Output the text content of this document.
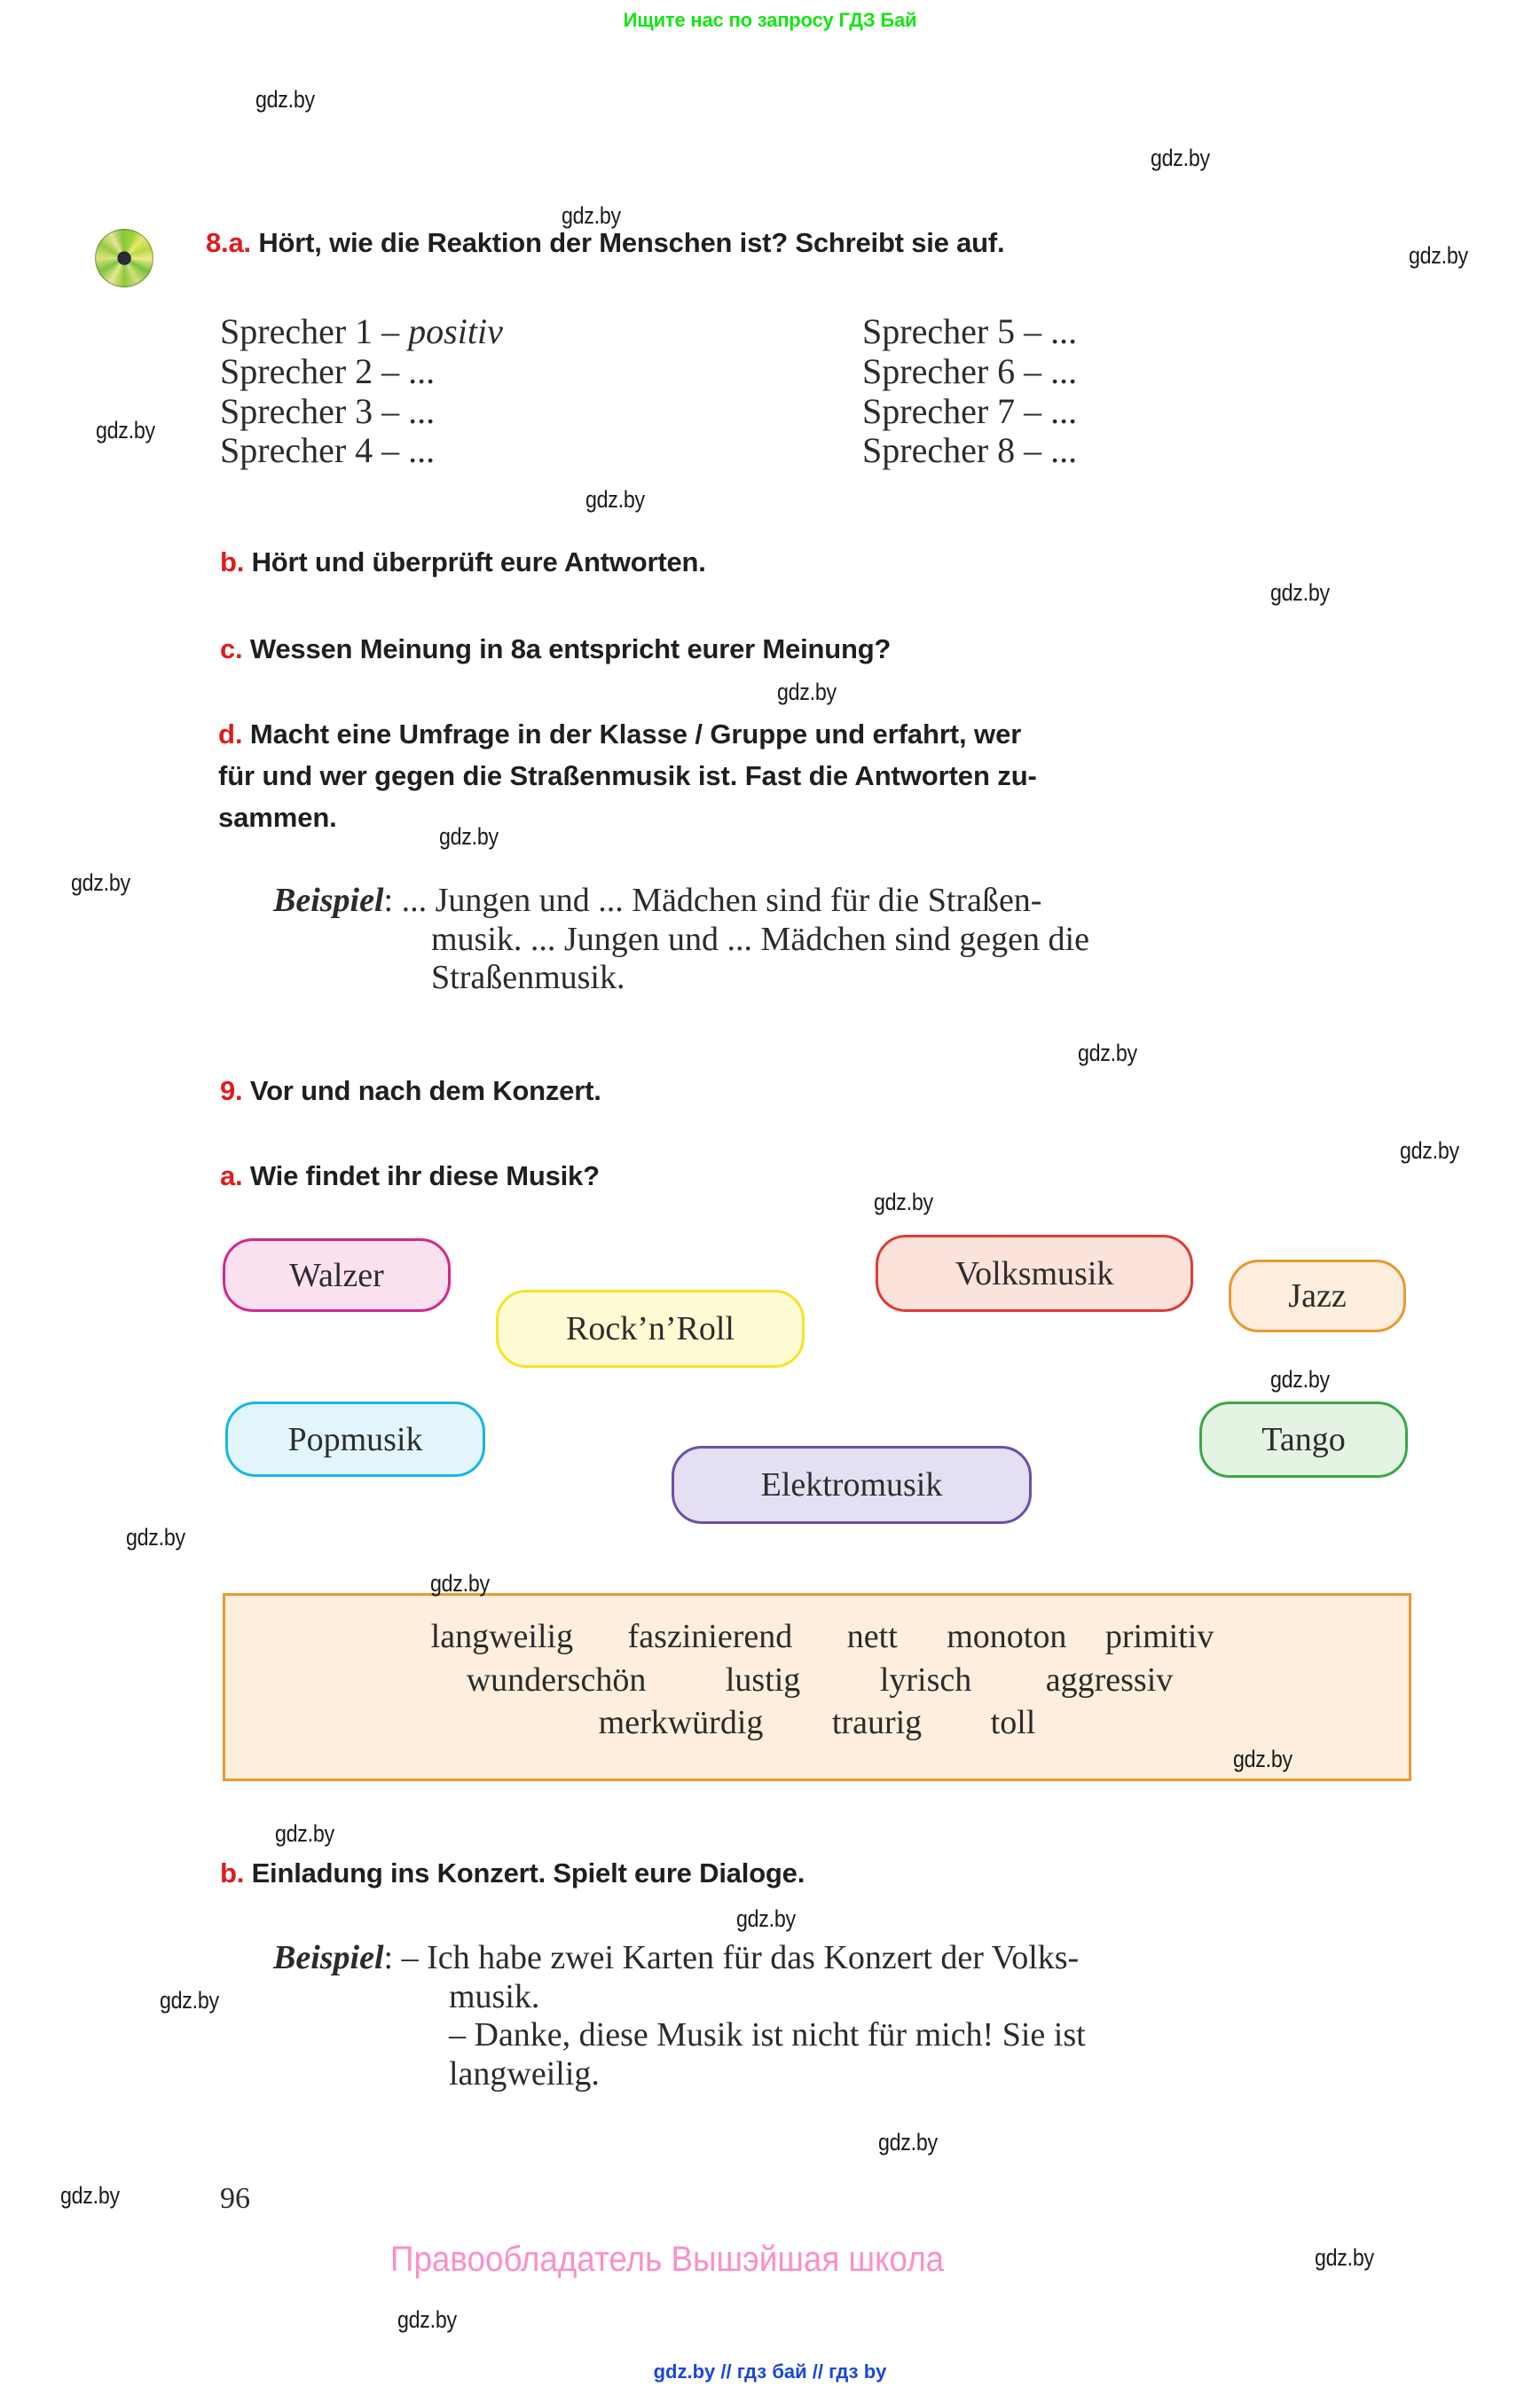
Ищите нас по запросу ГДЗ Бай
8.a. Hört, wie die Reaktion der Menschen ist? Schreibt sie auf.
Sprecher 1 – positiv
Sprecher 2 – ...
Sprecher 3 – ...
Sprecher 4 – ...
Sprecher 5 – ...
Sprecher 6 – ...
Sprecher 7 – ...
Sprecher 8 – ...
b. Hört und überprüft eure Antworten.
c. Wessen Meinung in 8a entspricht eurer Meinung?
d. Macht eine Umfrage in der Klasse / Gruppe und erfahrt, wer
für und wer gegen die Straßenmusik ist. Fast die Antworten zu-
sammen.
Beispiel: ... Jungen und ... Mädchen sind für die Straßen-
musik. ... Jungen und ... Mädchen sind gegen die
Straßenmusik.
9. Vor und nach dem Konzert.
a. Wie findet ihr diese Musik?
Walzer
Rock’n’Roll
Volksmusik
Jazz
Popmusik
Elektromusik
Tango
langweilig faszinierend nett monoton primitiv
wunderschön lustig lyrisch aggressiv
merkwürdig traurig toll
b. Einladung ins Konzert. Spielt eure Dialoge.
Beispiel: – Ich habe zwei Karten für das Konzert der Volks-
musik.
– Danke, diese Musik ist nicht für mich! Sie ist
langweilig.
96
Правообладатель Вышэйшая школа
gdz.by // гдз бай // гдз by
gdz.by
gdz.by
gdz.by
gdz.by
gdz.by
gdz.by
gdz.by
gdz.by
gdz.by
gdz.by
gdz.by
gdz.by
gdz.by
gdz.by
gdz.by
gdz.by
gdz.by
gdz.by
gdz.by
gdz.by
gdz.by
gdz.by
gdz.by
gdz.by
